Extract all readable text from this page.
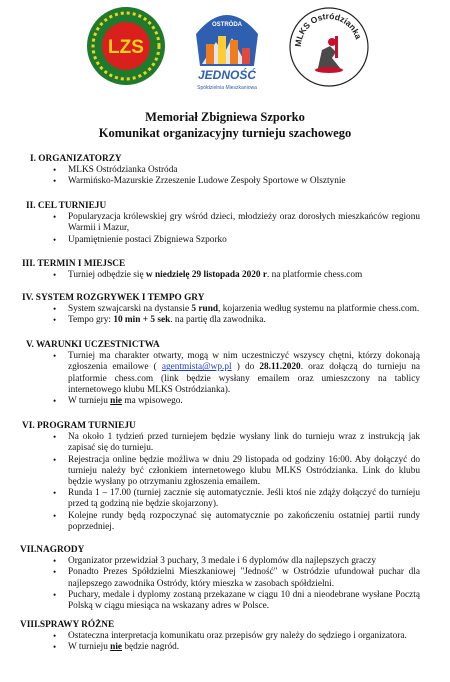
LZS
OSTRÓDA
JEDNOŚĆ
Spółdzielnia Mieszkaniowa
MLKS Ostródzianka
Memoriał Zbigniewa Szporko
Komunikat organizacyjny turnieju szachowego
I. ORGANIZATORZY
• MLKS Ostródzianka Ostróda
• Warmińsko-Mazurskie Zrzeszenie Ludowe Zespoły Sportowe w Olsztynie
II. CEL TURNIEJU
• Popularyzacja królewskiej gry wśród dzieci, młodzieży oraz dorosłych mieszkańców regionu Warmii i Mazur,
• Upamiętnienie postaci Zbigniewa Szporko
III. TERMIN I MIEJSCE
• Turniej odbędzie się w niedzielę 29 listopada 2020 r. na platformie chess.com
IV. SYSTEM ROZGRYWEK I TEMPO GRY
• System szwajcarski na dystansie 5 rund, kojarzenia według systemu na platformie chess.com.
• Tempo gry: 10 min + 5 sek. na partię dla zawodnika.
V. WARUNKI UCZESTNICTWA
• Turniej ma charakter otwarty, mogą w nim uczestniczyć wszyscy chętni, którzy dokonają zgłoszenia emailowe ( agentmista@wp.pl ) do 28.11.2020. oraz dołączą do turnieju na platformie chess.com (link będzie wysłany emailem oraz umieszczony na tablicy internetowego klubu MLKS Ostródzianka).
• W turnieju nie ma wpisowego.
VI. PROGRAM TURNIEJU
• Na około 1 tydzień przed turniejem będzie wysłany link do turnieju wraz z instrukcją jak zapisać się do turnieju.
• Rejestracja online będzie możliwa w dniu 29 listopada od godziny 16:00. Aby dołączyć do turnieju należy być członkiem internetowego klubu MLKS Ostródzianka. Link do klubu będzie wysłany po otrzymaniu zgłoszenia emailem.
• Runda 1 – 17.00 (turniej zacznie się automatycznie. Jeśli ktoś nie zdąży dołączyć do turnieju przed tą godziną nie będzie skojarzony).
• Kolejne rundy będą rozpoczynać się automatycznie po zakończeniu ostatniej partii rundy poprzedniej.
VII.NAGRODY
• Organizator przewidział 3 puchary, 3 medale i 6 dyplomów dla najlepszych graczy
• Ponadto Prezes Spółdzielni Mieszkaniowej "Jedność" w Ostródzie ufundował puchar dla najlepszego zawodnika Ostródy, który mieszka w zasobach spółdzielni.
• Puchary, medale i dyplomy zostaną przekazane w ciągu 10 dni a nieodebrane wysłane Pocztą Polską w ciągu miesiąca na wskazany adres w Polsce.
VIII.SPRAWY RÓŻNE
• Ostateczna interpretacja komunikatu oraz przepisów gry należy do sędziego i organizatora.
• W turnieju nie będzie nagród.
